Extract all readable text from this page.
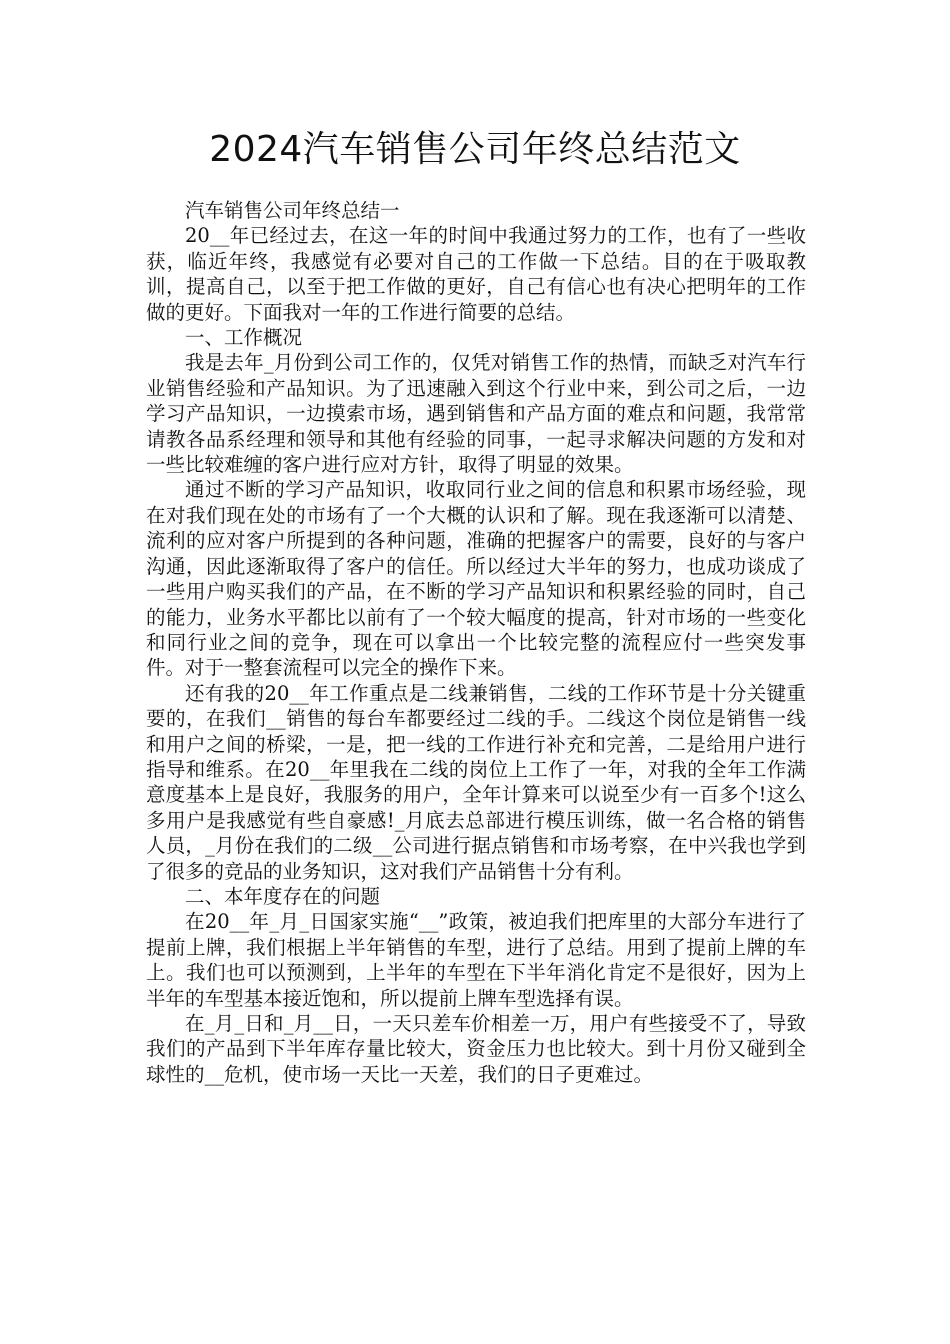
2024汽车销售公司年终总结范文

汽车销售公司年终总结一

20__年已经过去，在这一年的时间中我通过努力的工作，也有了一些收获，临近年终，我感觉有必要对自己的工作做一下总结。目的在于吸取教训，提高自己，以至于把工作做的更好，自己有信心也有决心把明年的工作做的更好。下面我对一年的工作进行简要的总结。

一、工作概况

我是去年_月份到公司工作的，仅凭对销售工作的热情，而缺乏对汽车行业销售经验和产品知识。为了迅速融入到这个行业中来，到公司之后，一边学习产品知识，一边摸索市场，遇到销售和产品方面的难点和问题，我常常请教各品系经理和领导和其他有经验的同事，一起寻求解决问题的方发和对一些比较难缠的客户进行应对方针，取得了明显的效果。

通过不断的学习产品知识，收取同行业之间的信息和积累市场经验，现在对我们现在处的市场有了一个大概的认识和了解。现在我逐渐可以清楚、流利的应对客户所提到的各种问题，准确的把握客户的需要，良好的与客户沟通，因此逐渐取得了客户的信任。所以经过大半年的努力，也成功谈成了一些用户购买我们的产品，在不断的学习产品知识和积累经验的同时，自己的能力，业务水平都比以前有了一个较大幅度的提高，针对市场的一些变化和同行业之间的竞争，现在可以拿出一个比较完整的流程应付一些突发事件。对于一整套流程可以完全的操作下来。

还有我的20__年工作重点是二线兼销售，二线的工作环节是十分关键重要的，在我们__销售的每台车都要经过二线的手。二线这个岗位是销售一线和用户之间的桥梁，一是，把一线的工作进行补充和完善，二是给用户进行指导和维系。在20__年里我在二线的岗位上工作了一年，对我的全年工作满意度基本上是良好，我服务的用户，全年计算来可以说至少有一百多个!这么多用户是我感觉有些自豪感!_月底去总部进行模压训练，做一名合格的销售人员，_月份在我们的二级__公司进行据点销售和市场考察，在中兴我也学到了很多的竞品的业务知识，这对我们产品销售十分有利。

二、本年度存在的问题

在20__年_月_日国家实施“__”政策，被迫我们把库里的大部分车进行了提前上牌，我们根据上半年销售的车型，进行了总结。用到了提前上牌的车上。我们也可以预测到，上半年的车型在下半年消化肯定不是很好，因为上半年的车型基本接近饱和，所以提前上牌车型选择有误。

在_月_日和_月__日，一天只差车价相差一万，用户有些接受不了，导致我们的产品到下半年库存量比较大，资金压力也比较大。到十月份又碰到全球性的__危机，使市场一天比一天差，我们的日子更难过。
